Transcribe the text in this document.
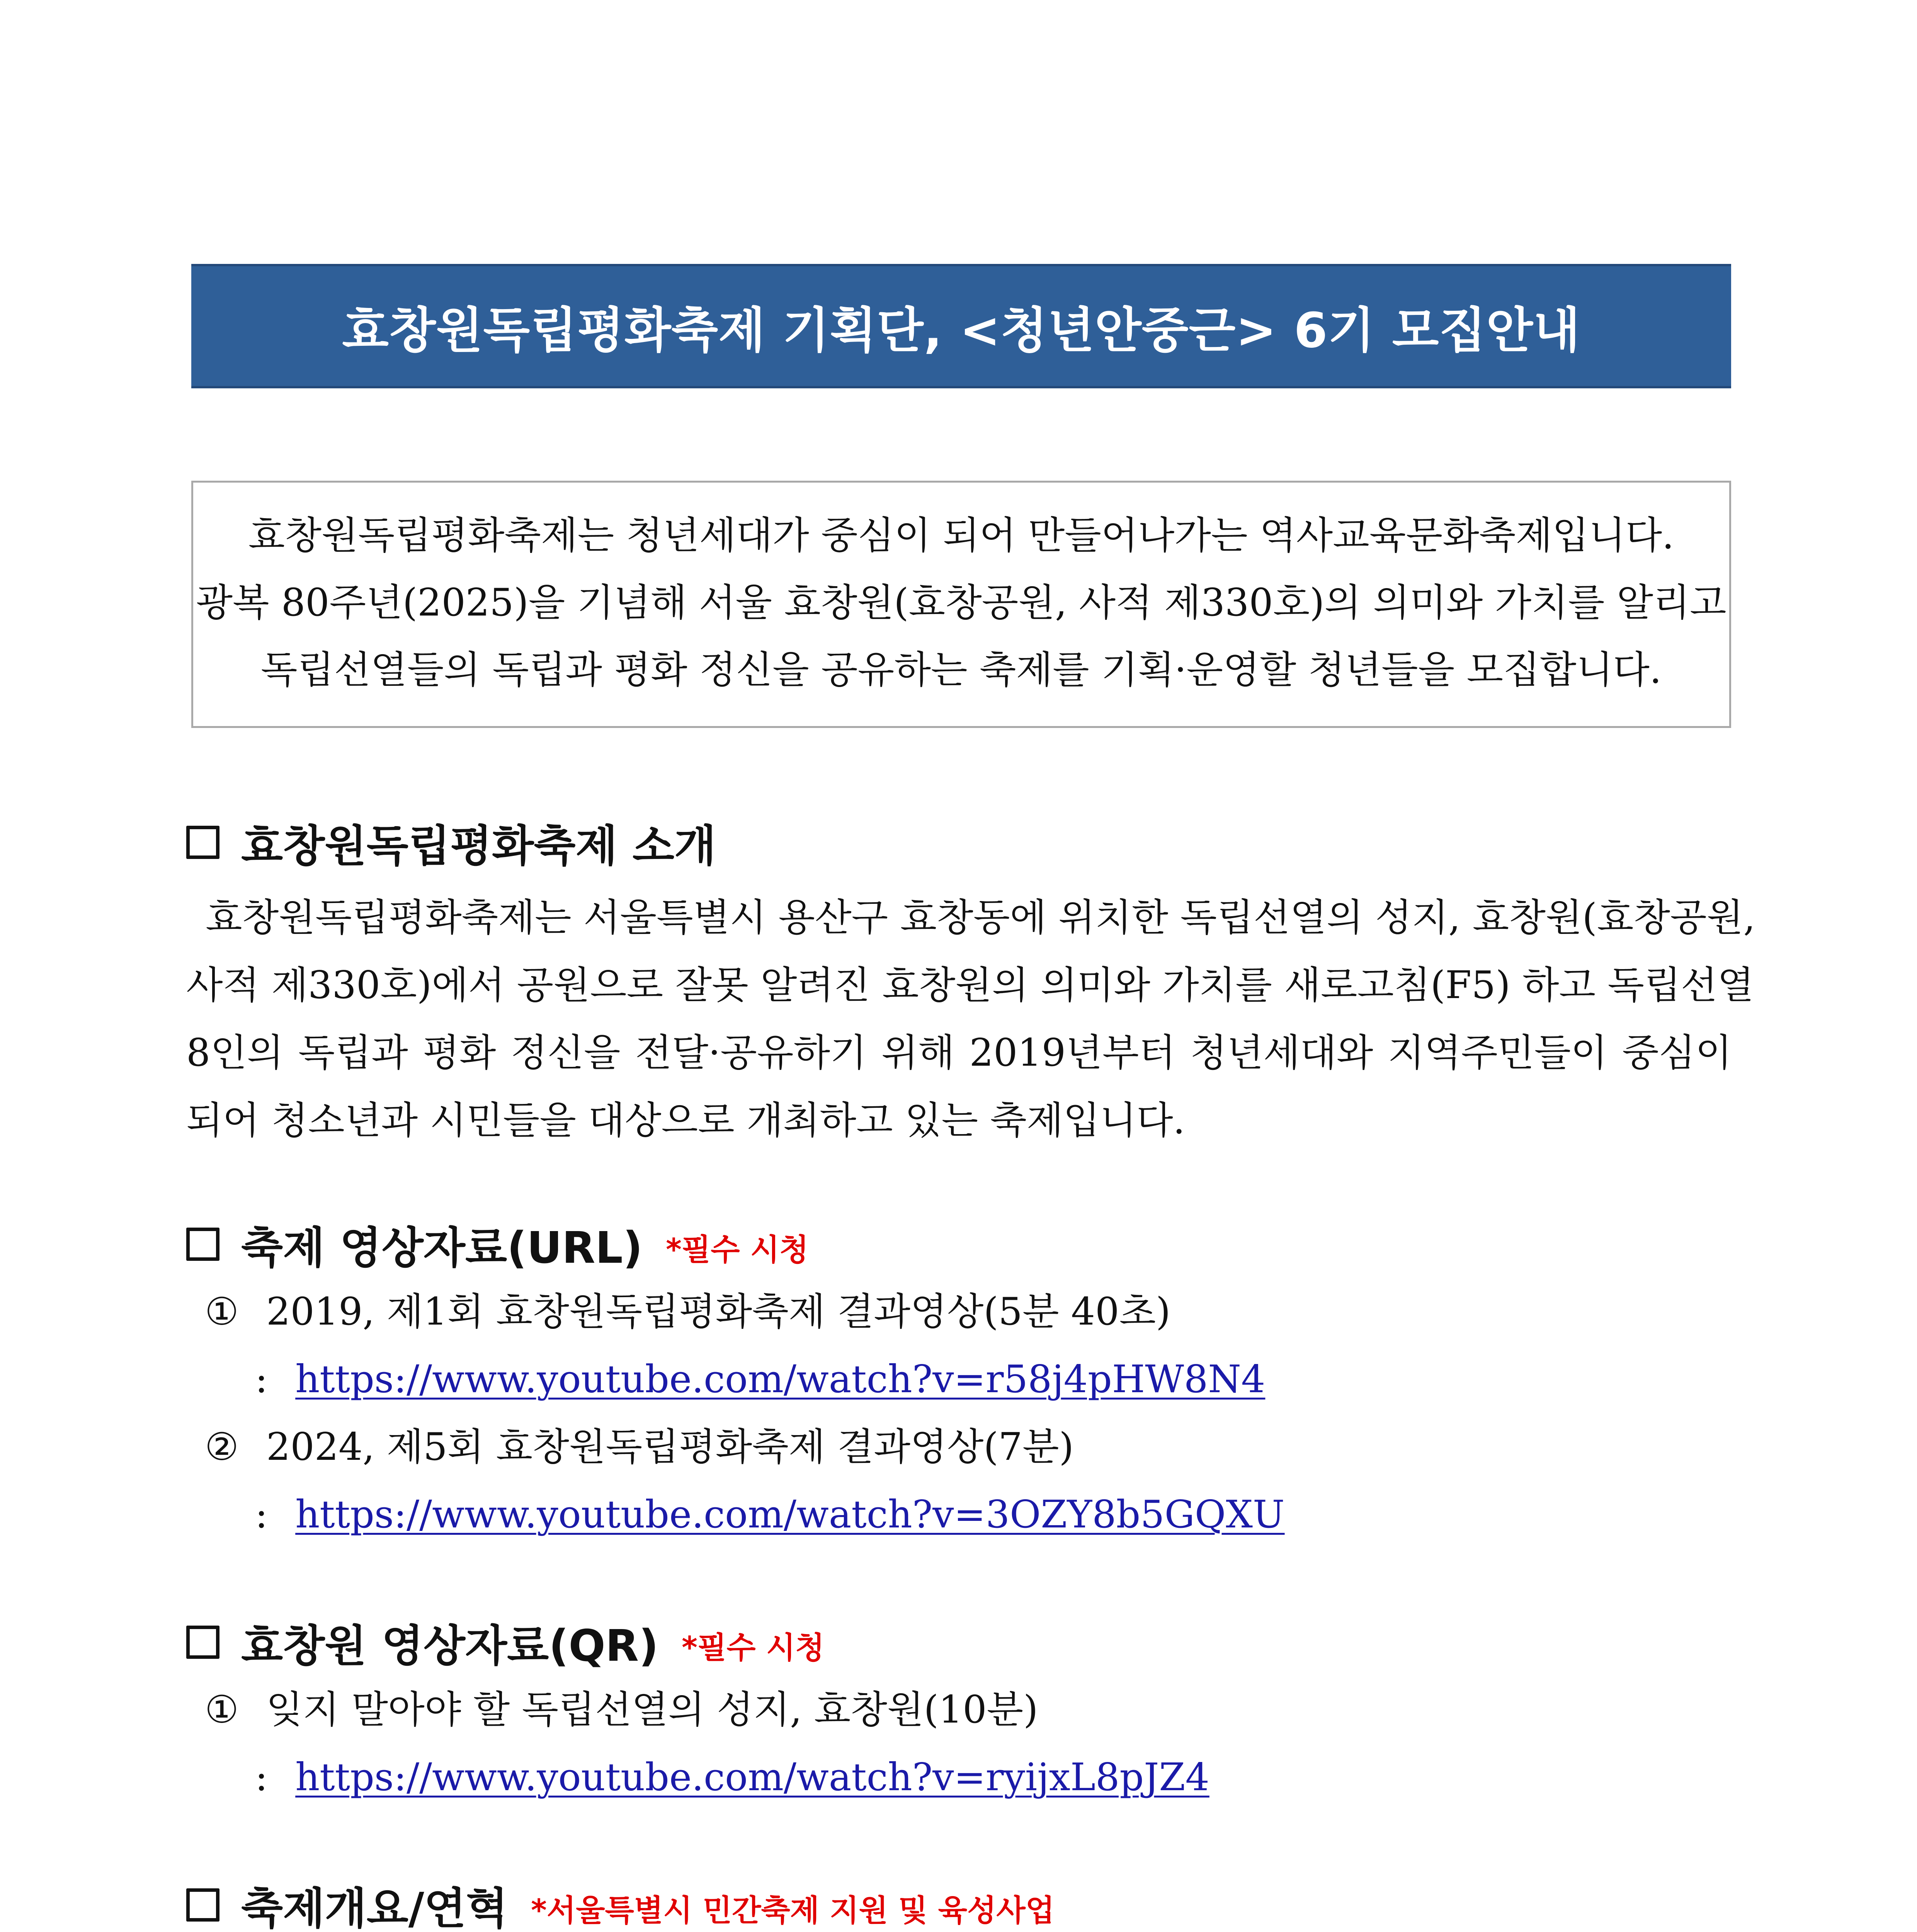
효창원독립평화축제 기획단, <청년안중근> 6기 모집안내
효창원독립평화축제는 청년세대가 중심이 되어 만들어나가는 역사교육문화축제입니다.
광복 80주년(2025)을 기념해 서울 효창원(효창공원, 사적 제330호)의 의미와 가치를 알리고
독립선열들의 독립과 평화 정신을 공유하는 축제를 기획·운영할 청년들을 모집합니다.
효창원독립평화축제 소개
효창원독립평화축제는 서울특별시 용산구 효창동에 위치한 독립선열의 성지, 효창원(효창공원,
사적 제330호)에서 공원으로 잘못 알려진 효창원의 의미와 가치를 새로고침(F5) 하고 독립선열
8인의 독립과 평화 정신을 전달·공유하기 위해 2019년부터 청년세대와 지역주민들이 중심이
되어 청소년과 시민들을 대상으로 개최하고 있는 축제입니다.
축제 영상자료(URL) *필수 시청
① 2019, 제1회 효창원독립평화축제 결과영상(5분 40초)
: https://www.youtube.com/watch?v=r58j4pHW8N4
② 2024, 제5회 효창원독립평화축제 결과영상(7분)
: https://www.youtube.com/watch?v=3OZY8b5GQXU
효창원 영상자료(QR) *필수 시청
① 잊지 말아야 할 독립선열의 성지, 효창원(10분)
: https://www.youtube.com/watch?v=ryijxL8pJZ4
축제개요/연혁 *서울특별시 민간축제 지원 및 육성사업
